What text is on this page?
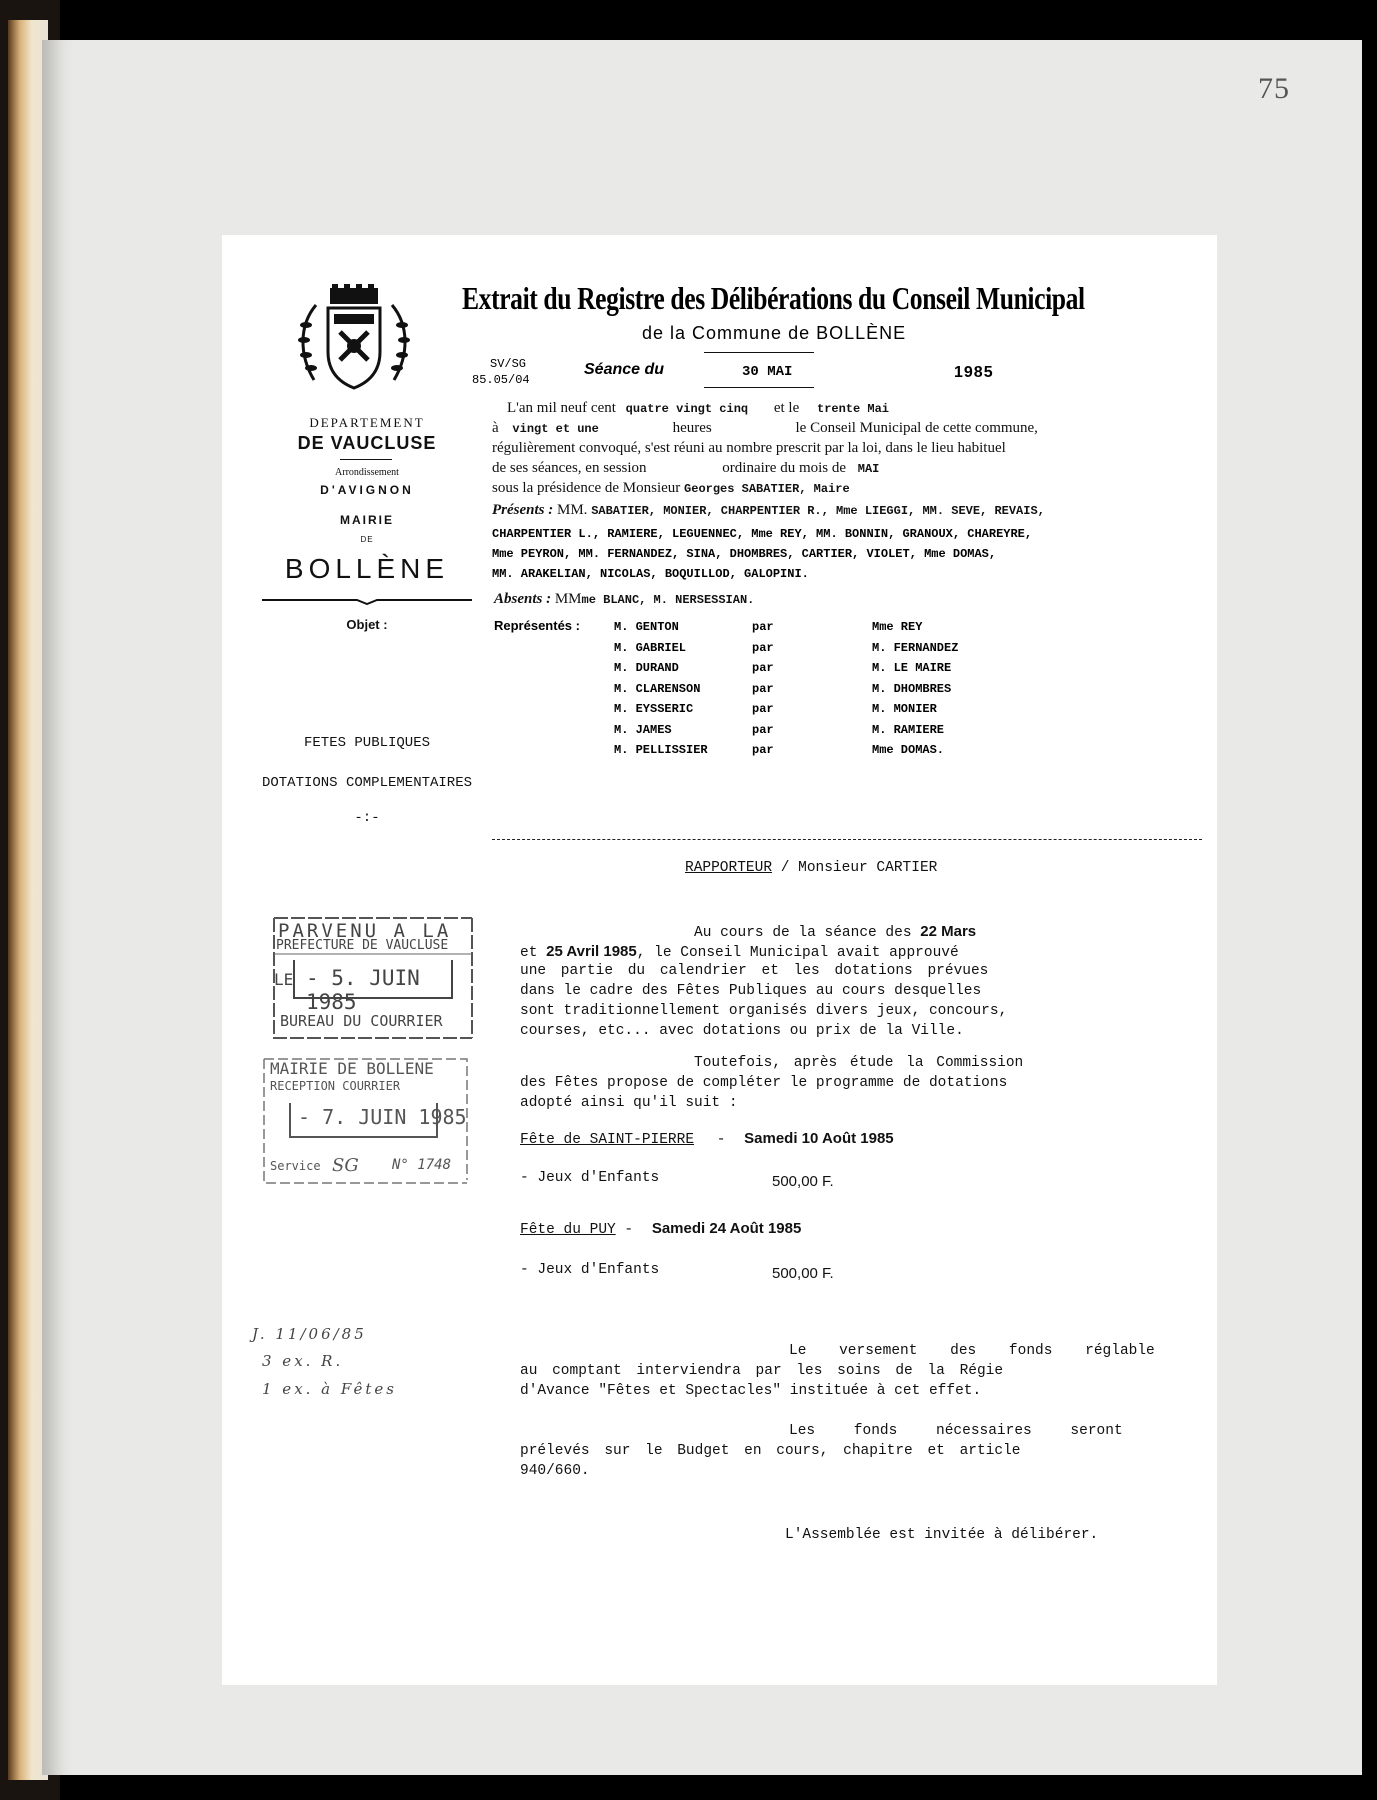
75
DEPARTEMENT
DE VAUCLUSE
Arrondissement
D'AVIGNON
MAIRIE
DE
BOLLÈNE
Objet :
FETES PUBLIQUES
DOTATIONS COMPLEMENTAIRES
-:-
PARVENU A LA
PREFECTURE DE VAUCLUSE
LE - 5. JUIN 1985
BUREAU DU COURRIER
MAIRIE DE BOLLENE
RECEPTION COURRIER
- 7. JUIN 1985
Service SG N° 1748
J. 11/06/85
3 ex. R.
1 ex. à Fêtes
Extrait du Registre des Délibérations du Conseil Municipal
de la Commune de BOLLÈNE
SV/SG
85.05/04
Séance du	30 MAI	1985
L'an mil neuf cent quatre vingt cinq et le trente Mai
à vingt et une	heures	le Conseil Municipal de cette commune,
régulièrement convoqué, s'est réuni au nombre prescrit par la loi, dans le lieu habituel
de ses séances, en session	ordinaire du mois de MAI
sous la présidence de Monsieur Georges SABATIER, Maire
Présents : MM. SABATIER, MONIER, CHARPENTIER R., Mme LIEGGI, MM. SEVE, REVAIS,
CHARPENTIER L., RAMIERE, LEGUENNEC, Mme REY, MM. BONNIN, GRANOUX, CHAREYRE,
Mme PEYRON, MM. FERNANDEZ, SINA, DHOMBRES, CARTIER, VIOLET, Mme DOMAS,
MM. ARAKELIAN, NICOLAS, BOQUILLOD, GALOPINI.
Absents : MMme BLANC, M. NERSESSIAN.
Représentés :	M. GENTON	par	Mme REY
M. GABRIEL	par	M. FERNANDEZ
M. DURAND	par	M. LE MAIRE
M. CLARENSON	par	M. DHOMBRES
M. EYSSERIC	par	M. MONIER
M. JAMES	par	M. RAMIERE
M. PELLISSIER	par	Mme DOMAS.
RAPPORTEUR / Monsieur CARTIER
Au cours de la séance des 22 Mars
et 25 Avril 1985, le Conseil Municipal avait approuvé
une partie du calendrier et les dotations prévues
dans le cadre des Fêtes Publiques au cours desquelles
sont traditionnellement organisés divers jeux, concours,
courses, etc... avec dotations ou prix de la Ville.
Toutefois, après étude la Commission
des Fêtes propose de compléter le programme de dotations
adopté ainsi qu'il suit :
Fête de SAINT-PIERRE - Samedi 10 Août 1985
- Jeux d'Enfants	500,00 F.
Fête du PUY - Samedi 24 Août 1985
- Jeux d'Enfants	500,00 F.
Le versement des fonds réglable
au comptant interviendra par les soins de la Régie
d'Avance "Fêtes et Spectacles" instituée à cet effet.
Les fonds nécessaires seront
prélevés sur le Budget en cours, chapitre et article
940/660.
L'Assemblée est invitée à délibérer.
